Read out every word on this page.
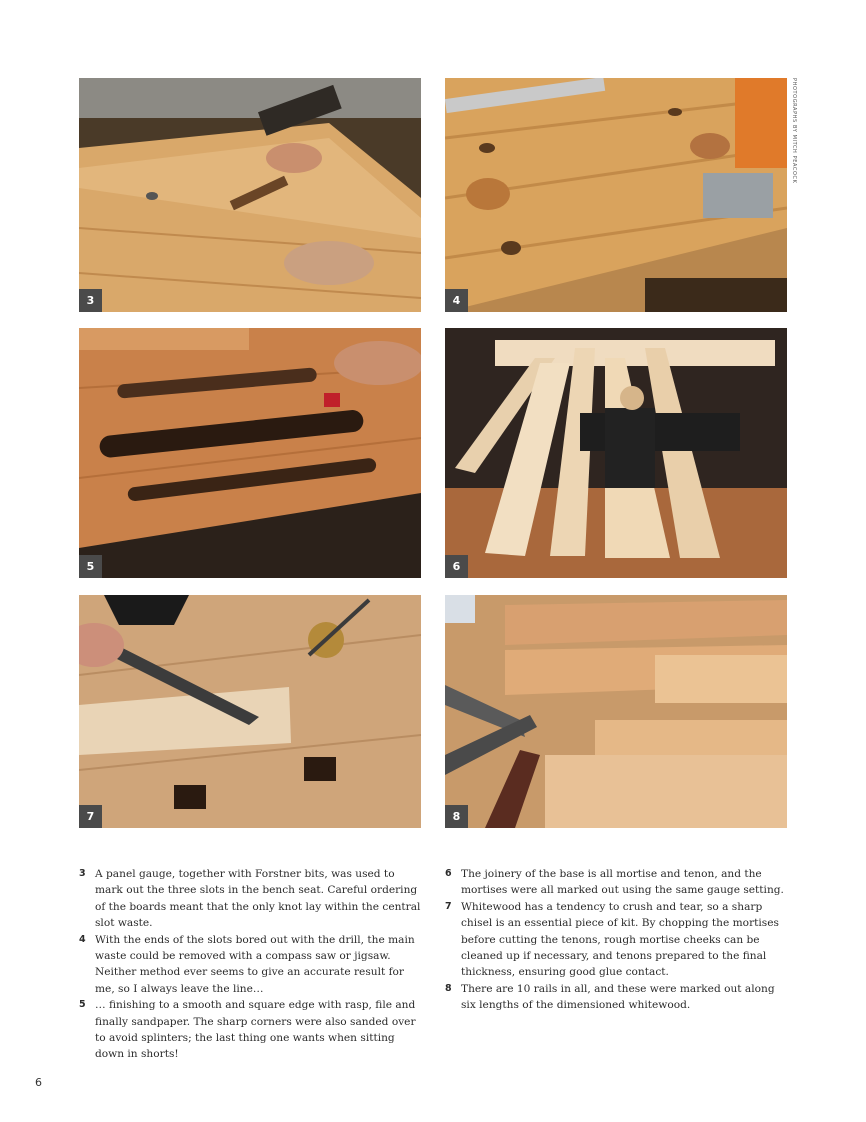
3	4
5	6
7	8
PHOTOGRAPHS BY MITCH PEACOCK
3 A panel gauge, together with Forstner bits, was used to mark out the three slots in the bench seat. Careful ordering of the boards meant that the only knot lay within the central slot waste.
4 With the ends of the slots bored out with the drill, the main waste could be removed with a compass saw or jigsaw. Neither method ever seems to give an accurate result for me, so I always leave the line…
5 … finishing to a smooth and square edge with rasp, file and finally sandpaper. The sharp corners were also sanded over to avoid splinters; the last thing one wants when sitting down in shorts!
6 The joinery of the base is all mortise and tenon, and the mortises were all marked out using the same gauge setting.
7 Whitewood has a tendency to crush and tear, so a sharp chisel is an essential piece of kit. By chopping the mortises before cutting the tenons, rough mortise cheeks can be cleaned up if necessary, and tenons prepared to the final thickness, ensuring good glue contact.
8 There are 10 rails in all, and these were marked out along six lengths of the dimensioned whitewood.
6
